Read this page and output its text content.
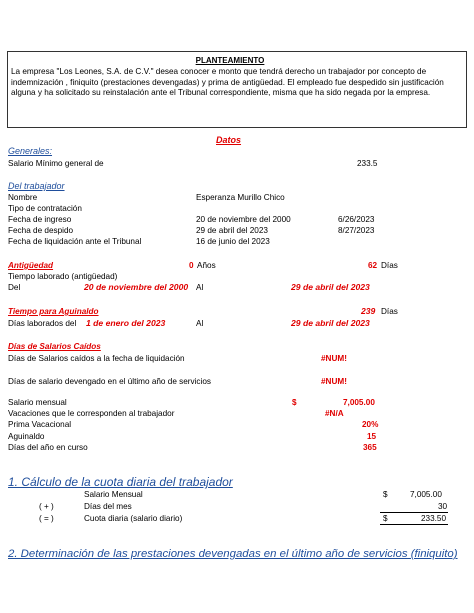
PLANTEAMIENTO
La empresa "Los Leones, S.A. de C.V." desea conocer e monto que tendrá derecho un trabajador por concepto de indemnización , finiquito (prestaciones devengadas) y prima de antigüedad. El empleado fue despedido sin justificación alguna y ha solicitado su reinstalación ante el Tribunal correspondiente, misma que ha sido negada por la empresa.
Datos
Generales:
Salario Mínimo general de	233.5
Del trabajador
Nombre	Esperanza Murillo Chico
Tipo de contratación
Fecha de ingreso	20 de noviembre del 2000	6/26/2023
Fecha de despido	29 de abril del 2023	8/27/2023
Fecha de liquidación ante el Tribunal	16 de junio del 2023
Antigüedad	0 Años	62 Días
Tiempo laborado (antigüedad)
Del	20 de noviembre del 2000 Al	29 de abril del 2023
Tiempo para Aguinaldo	239 Días
Días laborados del 1 de enero del 2023	Al	29 de abril del 2023
Días de Salarios Caídos
Días de Salarios caídos a la fecha de liquidación	#NUM!
Días de salario devengado en el último año de servicios	#NUM!
Salario mensual	$	7,005.00
Vacaciones que le corresponden al trabajador	#N/A
Prima Vacacional	20%
Aguinaldo	15
Días del año en curso	365
1. Cálculo de la cuota diaria del trabajador
Salario Mensual	$	7,005.00
( + )	Días del mes	30
( = )	Cuota diaria (salario diario)	$	233.50
2. Determinación de las prestaciones devengadas en el último año de servicios (finiquito)
